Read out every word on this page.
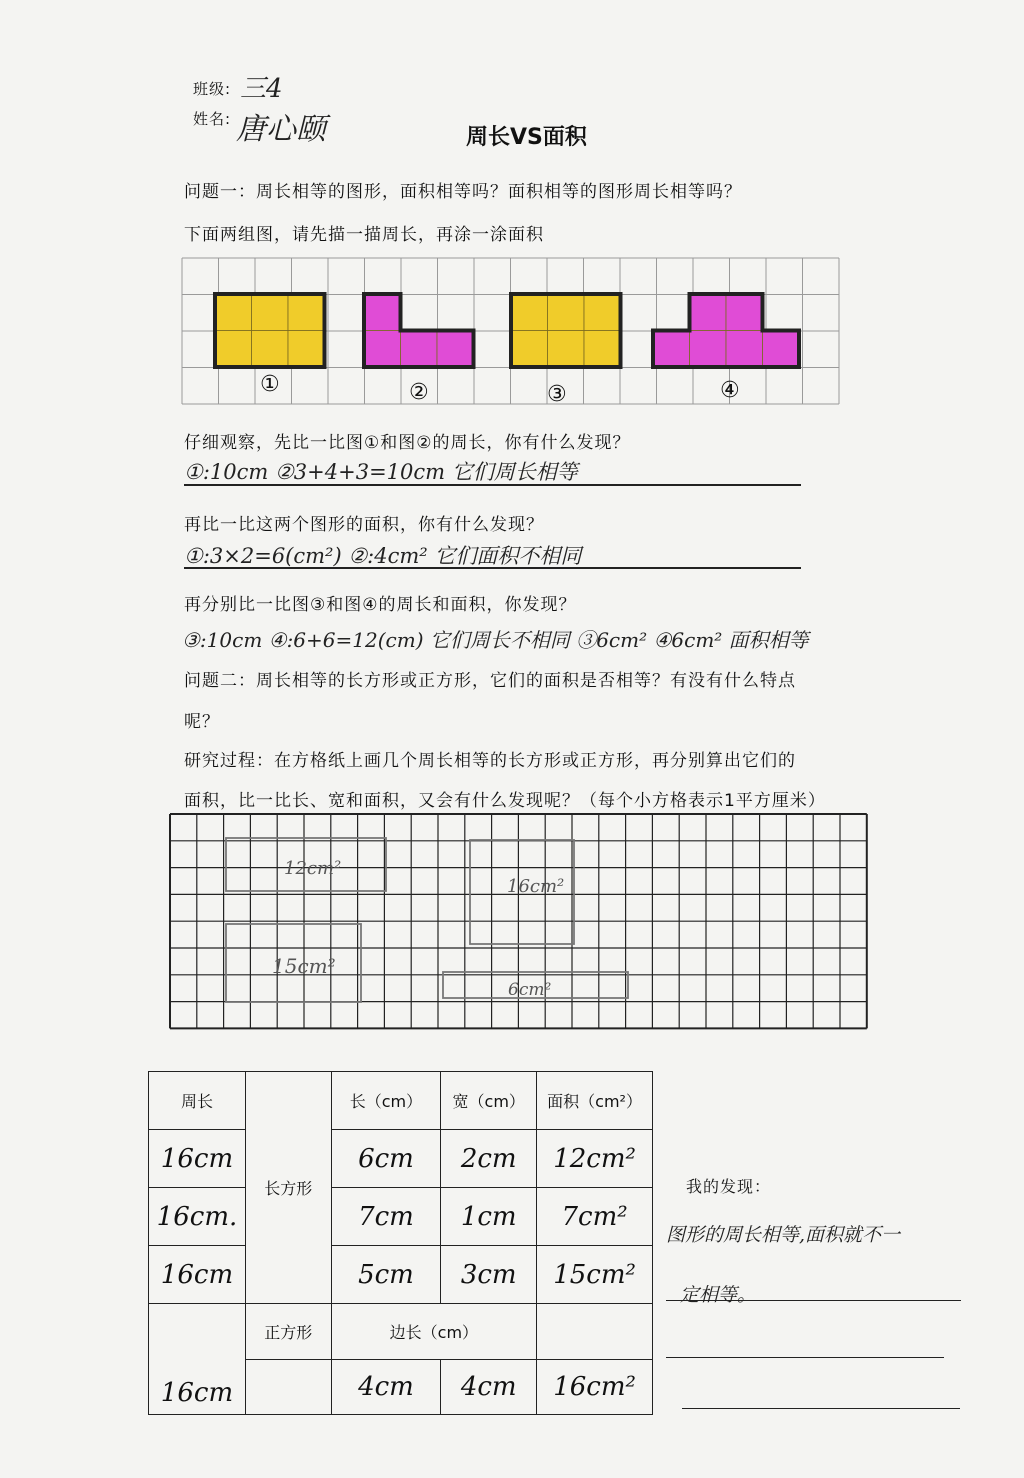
班级: 三4
姓名: 唐心颐	周长VS面积
问题一：周长相等的图形，面积相等吗？面积相等的图形周长相等吗？
下面两组图，请先描一描周长，再涂一涂面积
①	②	③	④
仔细观察，先比一比图①和图②的周长，你有什么发现？
①:10cm ②3+4+3=10cm 它们周长相等
再比一比这两个图形的面积，你有什么发现？
①:3×2=6(cm²) ②:4cm² 它们面积不相同
再分别比一比图③和图④的周长和面积，你发现？
③:10cm ④:6+6=12(cm) 它们周长不相同 ③6cm² ④6cm² 面积相等
问题二：周长相等的长方形或正方形，它们的面积是否相等？有没有什么特点
呢？
研究过程：在方格纸上画几个周长相等的长方形或正方形，再分别算出它们的
面积，比一比长、宽和面积，又会有什么发现呢？（每个小方格表示1平方厘米）
12cm²
16cm²
15cm²
6cm²
周长	长方形	长（cm）	宽（cm）	面积（cm²）
16cm		6cm	2cm	12cm²
16cm.		7cm	1cm	7cm²
16cm		5cm	3cm	15cm²
16cm	正方形	边长（cm）		
		4cm	4cm	16cm²
我的发现：
图形的周长相等,面积就不一
定相等。
